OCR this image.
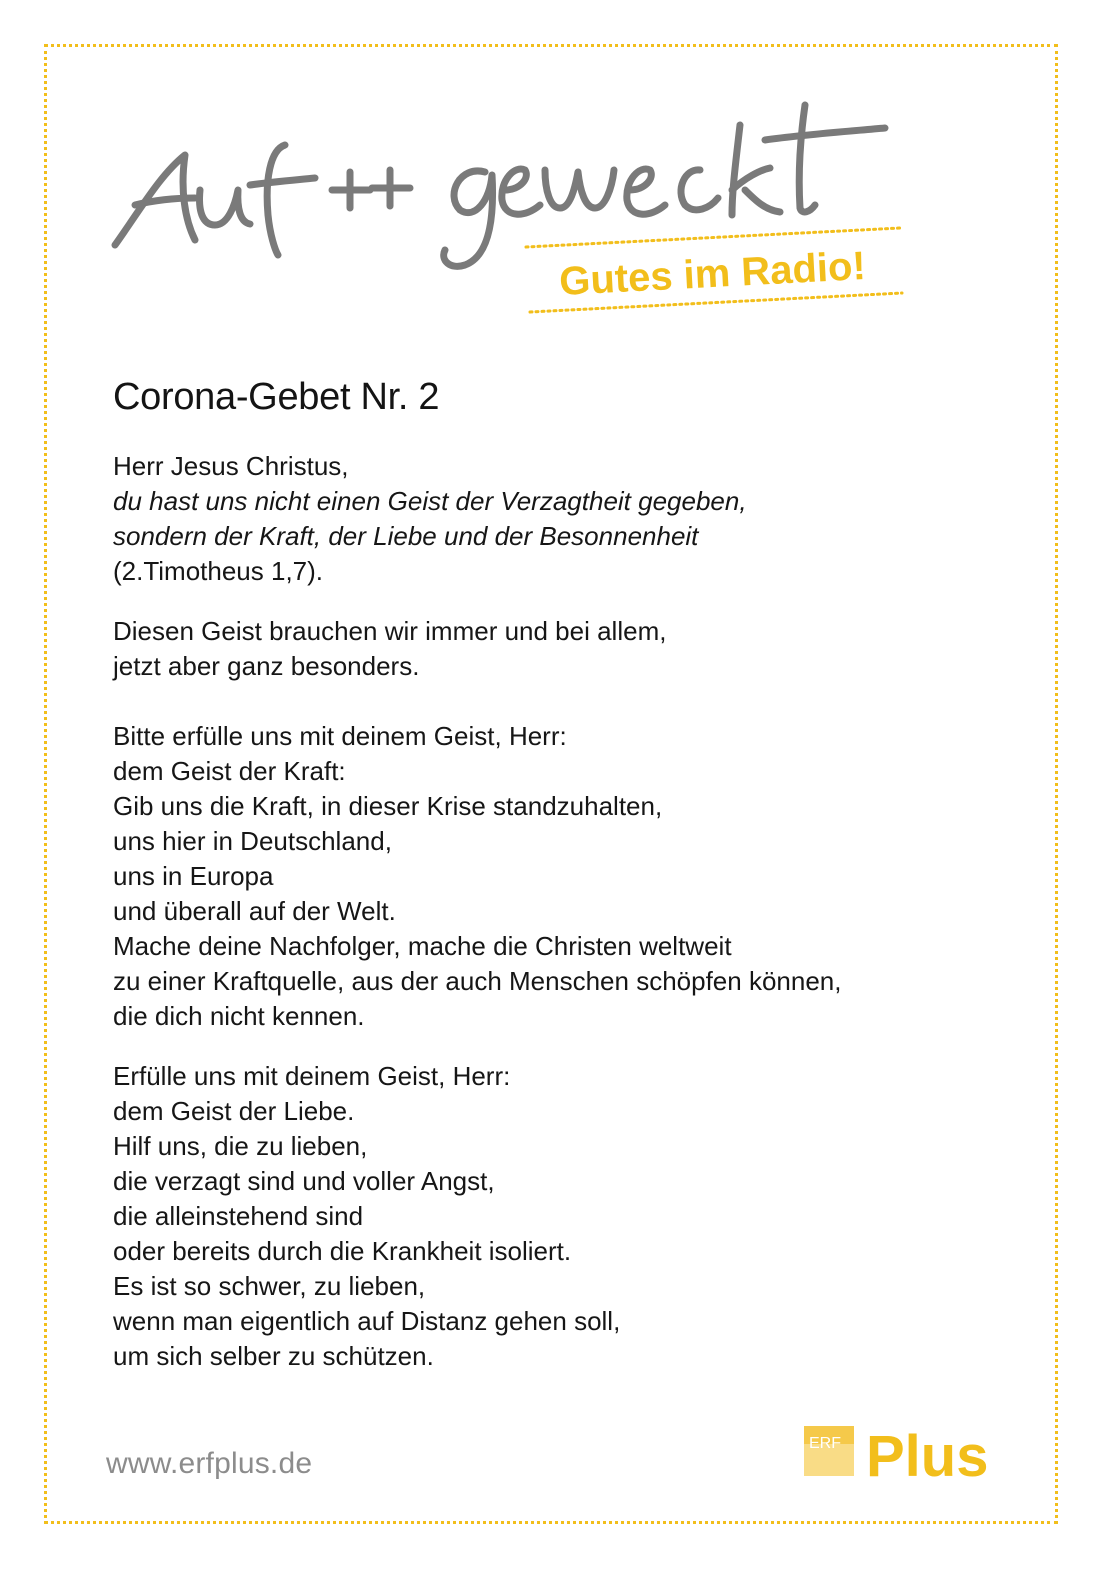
Gutes im Radio!
Corona-Gebet Nr. 2

Herr Jesus Christus,
du hast uns nicht einen Geist der Verzagtheit gegeben,
sondern der Kraft, der Liebe und der Besonnenheit
(2.Timotheus 1,7).

Diesen Geist brauchen wir immer und bei allem,
jetzt aber ganz besonders.

Bitte erfülle uns mit deinem Geist, Herr:
dem Geist der Kraft:
Gib uns die Kraft, in dieser Krise standzuhalten,
uns hier in Deutschland,
uns in Europa
und überall auf der Welt.
Mache deine Nachfolger, mache die Christen weltweit
zu einer Kraftquelle, aus der auch Menschen schöpfen können,
die dich nicht kennen.

Erfülle uns mit deinem Geist, Herr:
dem Geist der Liebe.
Hilf uns, die zu lieben,
die verzagt sind und voller Angst,
die alleinstehend sind
oder bereits durch die Krankheit isoliert.
Es ist so schwer, zu lieben,
wenn man eigentlich auf Distanz gehen soll,
um sich selber zu schützen.

www.erfplus.de
ERF Plus
